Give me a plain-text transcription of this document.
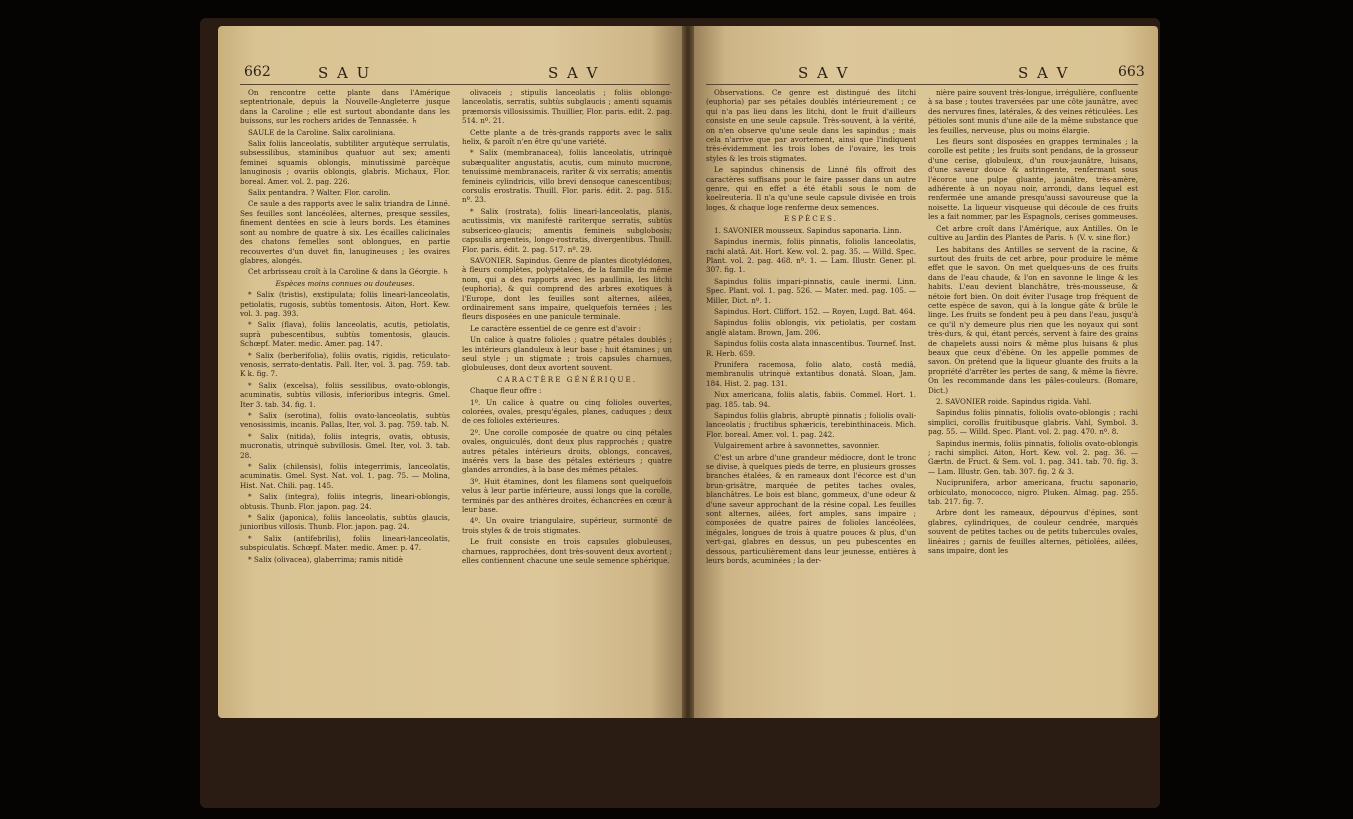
662	S A U	S A V

On rencontre cette plante dans l'Amérique septentrionale, depuis la Nouvelle-Angleterre jusque dans la Caroline ; elle est surtout abondante dans les buissons, sur les rochers arides de Tennassée. ♄

SAULE de la Caroline. Salix caroliniana.

Salix foliis lanceolatis, subtiliter argutèque serrulatis, subsessilibus, staminibus quatuor aut sex; amenti feminei squamis oblongis, minutissimè parcèque lanuginosis ; ovariis oblongis, glabris. Michaux, Flor. boreal. Amer. vol. 2. pag. 226.

Salix pentandra. ? Walter. Flor. carolin.

Ce saule a des rapports avec le salix triandra de Linné. Ses feuilles sont lancéolées, alternes, presque sessiles, finement dentées en scie à leurs bords. Les étamines sont au nombre de quatre à six. Les écailles calicinales des chatons femelles sont oblongues, en partie recouvertes d'un duvet fin, lanugineuses ; les ovaires glabres, alongés.

Cet arbrisseau croît à la Caroline & dans la Géorgie. ♄

Espèces moins connues ou douteuses.

* Salix (tristis), exstipulata; foliis lineari-lanceolatis, petiolatis, rugosis, subtùs tomentosis. Aiton, Hort. Kew. vol. 3. pag. 393.

* Salix (flava), foliis lanceolatis, acutis, petiolatis, suprà pubescentibus, subtùs tomentosis, glaucis. Schœpf. Mater. medic. Amer. pag. 147.

* Salix (berberifolia), foliis ovatis, rigidis, reticulato-venosis, serrato-dentatis. Pall. Iter, vol. 3. pag. 759. tab. K k. fig. 7.

* Salix (excelsa), foliis sessilibus, ovato-oblongis, acuminatis, subtùs villosis, inferioribus integris. Gmel. Iter 3. tab. 34. fig. 1.

* Salix (serotina), foliis ovato-lanceolatis, subtùs venosissimis, incanis. Pallas, Iter, vol. 3. pag. 759. tab. N.

* Salix (nitida), foliis integris, ovatis, obtusis, mucronatis, utrinquè subvillosis. Gmel. Iter, vol. 3. tab. 28.

* Salix (chilensis), foliis integerrimis, lanceolatis, acuminatis. Gmel. Syst. Nat. vol. 1. pag. 75. — Molina, Hist. Nat. Chili. pag. 145.

* Salix (integra), foliis integris, lineari-oblongis, obtusis. Thunb. Flor. japon. pag. 24.

* Salix (japonica), foliis lanceolatis, subtùs glaucis, junioribus villosis. Thunb. Flor. japon. pag. 24.

* Salix (antifebrilis), foliis lineari-lanceolatis, subspiculatis. Schœpf. Mater. medic. Amer. p. 47.

* Salix (olivacea), glaberrima; ramis nitidè

olivaceis ; stipulis lanceolatis ; foliis oblongo-lanceolatis, serratis, subtùs subglaucis ; amenti squamis præmorsis villosissimis. Thuillier, Flor. paris. edit. 2. pag. 514. nº. 21.

Cette plante a de très-grands rapports avec le salix helix, & paroît n'en être qu'une variété.

* Salix (membranacea), foliis lanceolatis, utrinquè subæqualiter angustatis, acutis, cum minuto mucrone, tenuissimè membranaceis, rarìter & vix serratis; amentis femineis cylindricis, villo brevi densoque canescentibus; corsulis erostratis. Thuill. Flor. paris. édit. 2. pag. 515. nº. 23.

* Salix (rostrata), foliis lineari-lanceolatis, planis, acutissimis, vix manifestè rarìterque serratis, subtùs subsericeo-glaucis; amentis femineis subglobosis; capsulis argenteis, longo-rostratis, divergentibus. Thuill. Flor. paris. édit. 2. pag. 517. nº. 29.

SAVONIER. Sapindus. Genre de plantes dicotylédones, à fleurs complètes, polypétalées, de la famille du même nom, qui a des rapports avec les paullinia, les litchi (euphoria), & qui comprend des arbres exotiques à l'Europe, dont les feuilles sont alternes, ailées, ordinairement sans impaire, quelquefois ternées ; les fleurs disposées en une panicule terminale.

Le caractère essentiel de ce genre est d'avoir :

Un calice à quatre folioles ; quatre pétales doublés ; les intérieurs glanduleux à leur base ; huit étamines ; un seul style ; un stigmate ; trois capsules charnues, globuleuses, dont deux avortent souvent.

CARACTÈRE GÉNÉRIQUE.

Chaque fleur offre :

1º. Un calice à quatre ou cinq folioles ouvertes, colorées, ovales, presqu'égales, planes, caduques ; deux de ces folioles extérieures.

2º. Une corolle composée de quatre ou cinq pétales ovales, onguiculés, dont deux plus rapprochés ; quatre autres pétales intérieurs droits, oblongs, concaves, insérés vers la base des pétales extérieurs ; quatre glandes arrondies, à la base des mêmes pétales.

3º. Huit étamines, dont les filamens sont quelquefois velus à leur partie inférieure, aussi longs que la corolle, terminés par des anthères droites, échancrées en cœur à leur base.

4º. Un ovaire triangulaire, supérieur, surmonté de trois styles & de trois stigmates.

Le fruit consiste en trois capsules globuleuses, charnues, rapprochées, dont très-souvent deux avortent ; elles contiennent chacune une seule semence sphérique.

S A V	S A V	663

Observations. Ce genre est distingué des litchi (euphoria) par ses pétales doublés intérieurement ; ce qui n'a pas lieu dans les litchi, dont le fruit d'ailleurs consiste en une seule capsule. Très-souvent, à la vérité, on n'en observe qu'une seule dans les sapindus ; mais cela n'arrive que par avortement, ainsi que l'indiquent très-évidemment les trois lobes de l'ovaire, les trois styles & les trois stigmates.

Le sapindus chinensis de Linné fils offroit des caractères suffisans pour le faire passer dans un autre genre, qui en effet a été établi sous le nom de koelreuteria. Il n'a qu'une seule capsule divisée en trois loges, & chaque loge renferme deux semences.

ESPÈCES.

1. SAVONIER mousseux. Sapindus saponaria. Linn.

Sapindus inermis, foliis pinnatis, foliolis lanceolatis, rachi alatâ. Ait. Hort. Kew. vol. 2. pag. 35. — Willd. Spec. Plant. vol. 2. pag. 468. nº. 1. — Lam. Illustr. Gener. pl. 307. fig. 1.

Sapindus foliis impari-pinnatis, caule inermi. Linn. Spec. Plant. vol. 1. pag. 526. — Mater. med. pag. 105. — Miller, Dict. nº. 1.

Sapindus. Hort. Cliffort. 152. — Royen, Lugd. Bat. 464.

Sapindus foliis oblongis, vix petiolatis, per costam anglè alatam. Brown, Jam. 206.

Sapindus foliis costa alata innascentibus. Tournef. Inst. R. Herb. 659.

Prunifera racemosa, folio alato, costâ mediâ, membranulis utrinquè extantibus donatâ. Sloan, Jam. 184. Hist. 2. pag. 131.

Nux americana, foliis alatis, fabiis. Commel. Hort. 1. pag. 185. tab. 94.

Sapindus foliis glabris, abruptè pinnatis ; foliolis ovali-lanceolatis ; fructibus sphæricis, terebinthinaceis. Mich. Flor. boreal. Amer. vol. 1. pag. 242.

Vulgairement arbre à savonnettes, savonnier.

C'est un arbre d'une grandeur médiocre, dont le tronc se divise, à quelques pieds de terre, en plusieurs grosses branches étalées, & en rameaux dont l'écorce est d'un brun-grisâtre, marquée de petites taches ovales, blanchâtres. Le bois est blanc, gommeux, d'une odeur & d'une saveur approchant de la résine copal. Les feuilles sont alternes, ailées, fort amples, sans impaire ; composées de quatre paires de folioles lancéolées, inégales, longues de trois à quatre pouces & plus, d'un vert-gai, glabres en dessus, un peu pubescentes en dessous, particulièrement dans leur jeunesse, entières à leurs bords, acuminées ; la der-

nière paire souvent très-longue, irrégulière, confluente à sa base ; toutes traversées par une côte jaunâtre, avec des nervures fines, latérales, & des veines réticulées. Les pétioles sont munis d'une aile de la même substance que les feuilles, nerveuse, plus ou moins élargie.

Les fleurs sont disposées en grappes terminales ; la corolle est petite ; les fruits sont pendans, de la grosseur d'une cerise, globuleux, d'un roux-jaunâtre, luisans, d'une saveur douce & astringente, renfermant sous l'écorce une pulpe gluante, jaunâtre, très-amère, adhérente à un noyau noir, arrondi, dans lequel est renfermée une amande presqu'aussi savoureuse que la noisette. La liqueur visqueuse qui découle de ces fruits les a fait nommer, par les Espagnols, cerises gommeuses.

Cet arbre croît dans l'Amérique, aux Antilles. On le cultive au Jardin des Plantes de Paris. ♄ (V. v. sine flor.)

Les habitans des Antilles se servent de la racine, & surtout des fruits de cet arbre, pour produire le même effet que le savon. On met quelques-uns de ces fruits dans de l'eau chaude, & l'on en savonne le linge & les habits. L'eau devient blanchâtre, très-mousseuse, & nétoie fort bien. On doit éviter l'usage trop fréquent de cette espèce de savon, qui à la longue gâte & brûle le linge. Les fruits se fondent peu à peu dans l'eau, jusqu'à ce qu'il n'y demeure plus rien que les noyaux qui sont très-durs, & qui, étant percés, servent à faire des grains de chapelets aussi noirs & même plus luisans & plus beaux que ceux d'ébène. On les appelle pommes de savon. On prétend que la liqueur gluante des fruits a la propriété d'arrêter les pertes de sang, & même la fièvre. On les recommande dans les pâles-couleurs. (Bomare, Dict.)

2. SAVONIER roide. Sapindus rigida. Vahl.

Sapindus foliis pinnatis, foliolis ovato-oblongis ; rachi simplici, corollis fruitibusque glabris. Vahl, Symbol. 3. pag. 55. — Willd. Spec. Plant. vol. 2. pag. 470. nº. 8.

Sapindus inermis, foliis pinnatis, foliolis ovato-oblongis ; rachi simplici. Aiton, Hort. Kew. vol. 2. pag. 36. — Gærtn. de Fruct. & Sem. vol. 1. pag. 341. tab. 70. fig. 3. — Lam. Illustr. Gen. tab. 307. fig. 2 & 3.

Nuciprunifera, arbor americana, fructu saponario, orbiculato, monococco, nigro. Pluken. Almag. pag. 255. tab. 217. fig. 7.

Arbre dont les rameaux, dépourvus d'épines, sont glabres, cylindriques, de couleur cendrée, marqués souvent de petites taches ou de petits tubercules ovales, linéaires ; garnis de feuilles alternes, pétiolées, ailées, sans impaire, dont les
